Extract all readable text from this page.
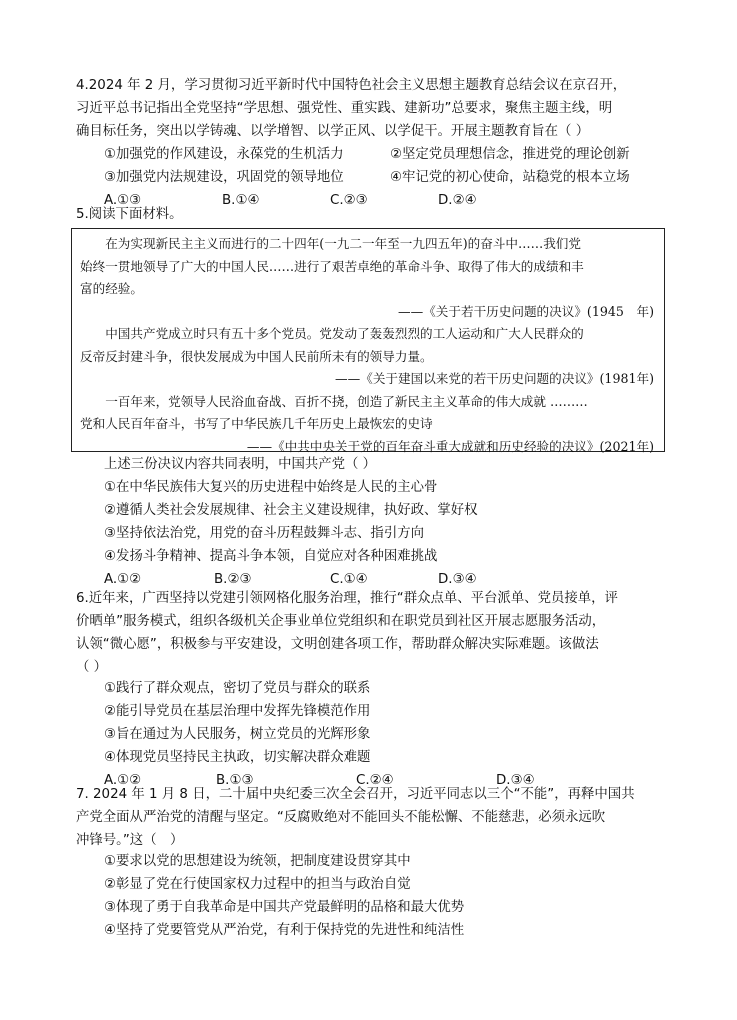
4.2024 年 2 月，学习贯彻习近平新时代中国特色社会主义思想主题教育总结会议在京召开，

习近平总书记指出全党坚持“学思想、强党性、重实践、建新功”总要求，聚焦主题主线，明

确目标任务，突出以学铸魂、以学增智、以学正风、以学促干。开展主题教育旨在（ ）

①加强党的作风建设，永葆党的生机活力	②坚定党员理想信念，推进党的理论创新
③加强党内法规建设，巩固党的领导地位	④牢记党的初心使命，站稳党的根本立场
A.①③	B.①④	C.②③	D.②④

5.阅读下面材料。

在为实现新民主主义而进行的二十四年(一九二一年至一九四五年)的奋斗中……我们党

始终一贯地领导了广大的中国人民……进行了艰苦卓绝的革命斗争、取得了伟大的成绩和丰

富的经验。

——《关于若干历史问题的决议》(1945　年)

中国共产党成立时只有五十多个党员。党发动了轰轰烈烈的工人运动和广大人民群众的

反帝反封建斗争，很快发展成为中国人民前所未有的领导力量。

——《关于建国以来党的若干历史问题的决议》(1981年)

一百年来，党领导人民浴血奋战、百折不挠，创造了新民主主义革命的伟大成就 ………

党和人民百年奋斗，书写了中华民族几千年历史上最恢宏的史诗

——《中共中央关于党的百年奋斗重大成就和历史经验的决议》(2021年)

上述三份决议内容共同表明，中国共产党（ ）

①在中华民族伟大复兴的历史进程中始终是人民的主心骨

②遵循人类社会发展规律、社会主义建设规律，执好政、掌好权

③坚持依法治党，用党的奋斗历程鼓舞斗志、指引方向

④发扬斗争精神、提高斗争本领，自觉应对各种困难挑战

A.①②	B.②③	C.①④	D.③④

6.近年来，广西坚持以党建引领网格化服务治理，推行“群众点单、平台派单、党员接单，评

价晒单”服务模式，组织各级机关企事业单位党组织和在职党员到社区开展志愿服务活动，

认领“微心愿”，积极参与平安建设，文明创建各项工作，帮助群众解决实际难题。该做法

（ ）

①践行了群众观点，密切了党员与群众的联系

②能引导党员在基层治理中发挥先锋模范作用

③旨在通过为人民服务，树立党员的光辉形象

④体现党员坚持民主执政，切实解决群众难题

A.①②	B.①③	C.②④	D.③④

7. 2024 年 1 月 8 日，二十届中央纪委三次全会召开，习近平同志以三个“不能”，再释中国共

产党全面从严治党的清醒与坚定。“反腐败绝对不能回头不能松懈、不能慈悲，必须永远吹

冲锋号。”这（　）

①要求以党的思想建设为统领，把制度建设贯穿其中

②彰显了党在行使国家权力过程中的担当与政治自觉

③体现了勇于自我革命是中国共产党最鲜明的品格和最大优势

④坚持了党要管党从严治党，有利于保持党的先进性和纯洁性
